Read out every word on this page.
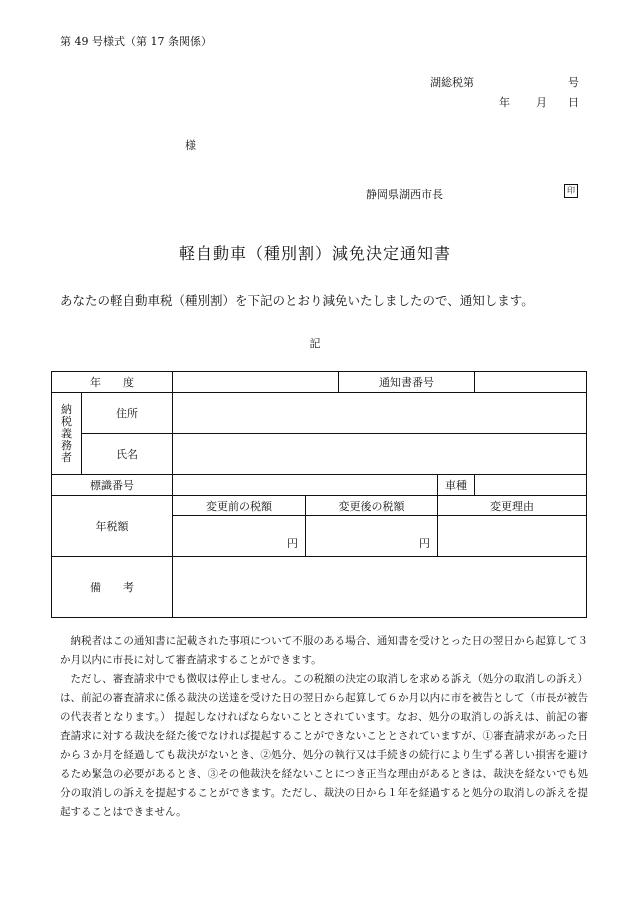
第 49 号様式（第 17 条関係）
湖総税第	号
年 月 日
様
静岡県湖西市長	印
軽自動車（種別割）減免決定通知書
あなたの軽自動車税（種別割）を下記のとおり減免いたしましたので、通知します。
記
年　　度				通知書番号		

納
税
義
務
者	住所					
	氏名					
標識番号					車種	
年税額		変更前の税額	変更後の税額		変更理由	
		円	円			
備　　考						

納税者はこの通知書に記載された事項について不服のある場合、通知書を受けとった日の翌日から起算して３か月以内に市長に対して審査請求することができます。

ただし、審査請求中でも徴収は停止しません。この税額の決定の取消しを求める訴え（処分の取消しの訴え）は、前記の審査請求に係る裁決の送達を受けた日の翌日から起算して６か月以内に市を被告として（市長が被告の代表者となります。） 提起しなければならないこととされています。なお、処分の取消しの訴えは、前記の審査請求に対する裁決を経た後でなければ提起することができないこととされていますが、①審査請求があった日から３か月を経過しても裁決がないとき、②処分、処分の執行又は手続きの続行により生ずる著しい損害を避けるため緊急の必要があるとき、③その他裁決を経ないことにつき正当な理由があるときは、裁決を経ないでも処分の取消しの訴えを提起することができます。ただし、裁決の日から１年を経過すると処分の取消しの訴えを提起することはできません。
